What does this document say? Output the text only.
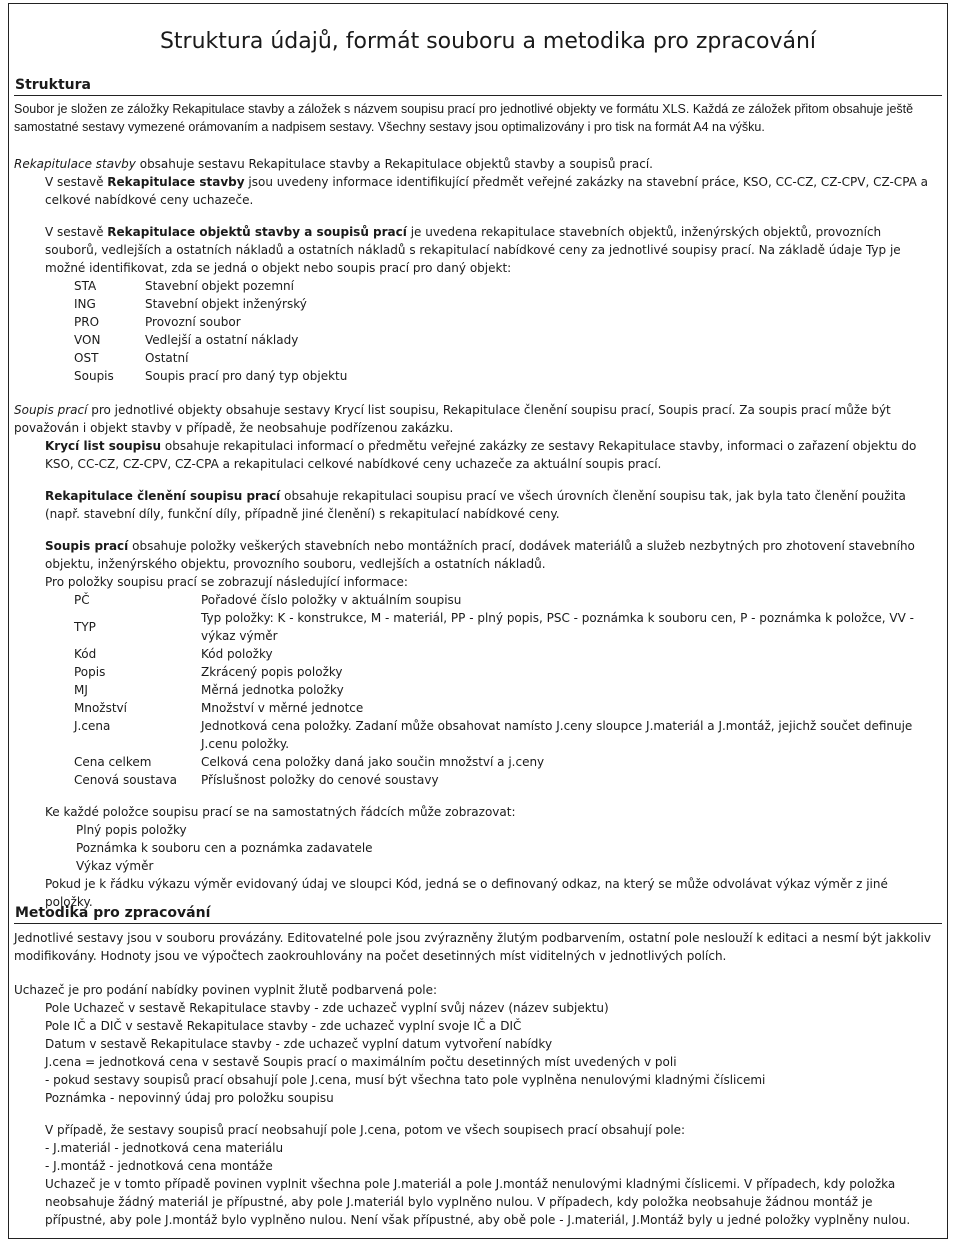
Struktura údajů, formát souboru a metodika pro zpracování
Struktura

Soubor je složen ze záložky Rekapitulace stavby a záložek s názvem soupisu prací pro jednotlivé objekty ve formátu XLS. Každá ze záložek přitom obsahuje ještě samostatné sestavy vymezené orámovaním a nadpisem sestavy. Všechny sestavy jsou optimalizovány i pro tisk na formát A4 na výšku.

Rekapitulace stavby obsahuje sestavu Rekapitulace stavby a Rekapitulace objektů stavby a soupisů prací.

V sestavě Rekapitulace stavby jsou uvedeny informace identifikující předmět veřejné zakázky na stavební práce, KSO, CC-CZ, CZ-CPV, CZ-CPA a celkové nabídkové ceny uchazeče.

V sestavě Rekapitulace objektů stavby a soupisů prací je uvedena rekapitulace stavebních objektů, inženýrských objektů, provozních souborů, vedlejších a ostatních nákladů a ostatních nákladů s rekapitulací nabídkové ceny za jednotlivé soupisy prací. Na základě údaje Typ je možné identifikovat, zda se jedná o objekt nebo soupis prací pro daný objekt:

STA	Stavební objekt pozemní
ING	Stavební objekt inženýrský
PRO	Provozní soubor
VON	Vedlejší a ostatní náklady
OST	Ostatní
Soupis	Soupis prací pro daný typ objektu

Soupis prací pro jednotlivé objekty obsahuje sestavy Krycí list soupisu, Rekapitulace členění soupisu prací, Soupis prací. Za soupis prací může být považován i objekt stavby v případě, že neobsahuje podřízenou zakázku.

Krycí list soupisu obsahuje rekapitulaci informací o předmětu veřejné zakázky ze sestavy Rekapitulace stavby, informaci o zařazení objektu do KSO, CC-CZ, CZ-CPV, CZ-CPA a rekapitulaci celkové nabídkové ceny uchazeče za aktuální soupis prací.

Rekapitulace členění soupisu prací obsahuje rekapitulaci soupisu prací ve všech úrovních členění soupisu tak, jak byla tato členění použita (např. stavební díly, funkční díly, případně jiné členění) s rekapitulací nabídkové ceny.

Soupis prací obsahuje položky veškerých stavebních nebo montážních prací, dodávek materiálů a služeb nezbytných pro zhotovení stavebního objektu, inženýrského objektu, provozního souboru, vedlejších a ostatních nákladů.

Pro položky soupisu prací se zobrazují následující informace:

PČ	Pořadové číslo položky v aktuálním soupisu
TYP	Typ položky: K - konstrukce, M - materiál, PP - plný popis, PSC - poznámka k souboru cen, P - poznámka k položce, VV - výkaz výměr
Kód	Kód položky
Popis	Zkrácený popis položky
MJ	Měrná jednotka položky
Množství	Množství v měrné jednotce
J.cena	Jednotková cena položky. Zadaní může obsahovat namísto J.ceny sloupce J.materiál a J.montáž, jejichž součet definuje J.cenu položky.
Cena celkem	Celková cena položky daná jako součin množství a j.ceny
Cenová soustava	Příslušnost položky do cenové soustavy

Ke každé položce soupisu prací se na samostatných řádcích může zobrazovat:

Plný popis položky
Poznámka k souboru cen a poznámka zadavatele
Výkaz výměr

Pokud je k řádku výkazu výměr evidovaný údaj ve sloupci Kód, jedná se o definovaný odkaz, na který se může odvolávat výkaz výměr z jiné položky.

Metodika pro zpracování

Jednotlivé sestavy jsou v souboru provázány. Editovatelné pole jsou zvýrazněny žlutým podbarvením, ostatní pole neslouží k editaci a nesmí být jakkoliv modifikovány. Hodnoty jsou ve výpočtech zaokrouhlovány na počet desetinných míst viditelných v jednotlivých polích.

Uchazeč je pro podání nabídky povinen vyplnit žlutě podbarvená pole:

Pole Uchazeč v sestavě Rekapitulace stavby - zde uchazeč vyplní svůj název (název subjektu)
Pole IČ a DIČ v sestavě Rekapitulace stavby - zde uchazeč vyplní svoje IČ a DIČ
Datum v sestavě Rekapitulace stavby - zde uchazeč vyplní datum vytvoření nabídky
J.cena = jednotková cena v sestavě Soupis prací o maximálním počtu desetinných míst uvedených v poli
- pokud sestavy soupisů prací obsahují pole J.cena, musí být všechna tato pole vyplněna nenulovými kladnými číslicemi
Poznámka - nepovinný údaj pro položku soupisu

V případě, že sestavy soupisů prací neobsahují pole J.cena, potom ve všech soupisech prací obsahují pole:

- J.materiál - jednotková cena materiálu
- J.montáž - jednotková cena montáže

Uchazeč je v tomto případě povinen vyplnit všechna pole J.materiál a pole J.montáž nenulovými kladnými číslicemi. V případech, kdy položka neobsahuje žádný materiál je přípustné, aby pole J.materiál bylo vyplněno nulou. V případech, kdy položka neobsahuje žádnou montáž je přípustné, aby pole J.montáž bylo vyplněno nulou. Není však přípustné, aby obě pole - J.materiál, J.Montáž byly u jedné položky vyplněny nulou.
